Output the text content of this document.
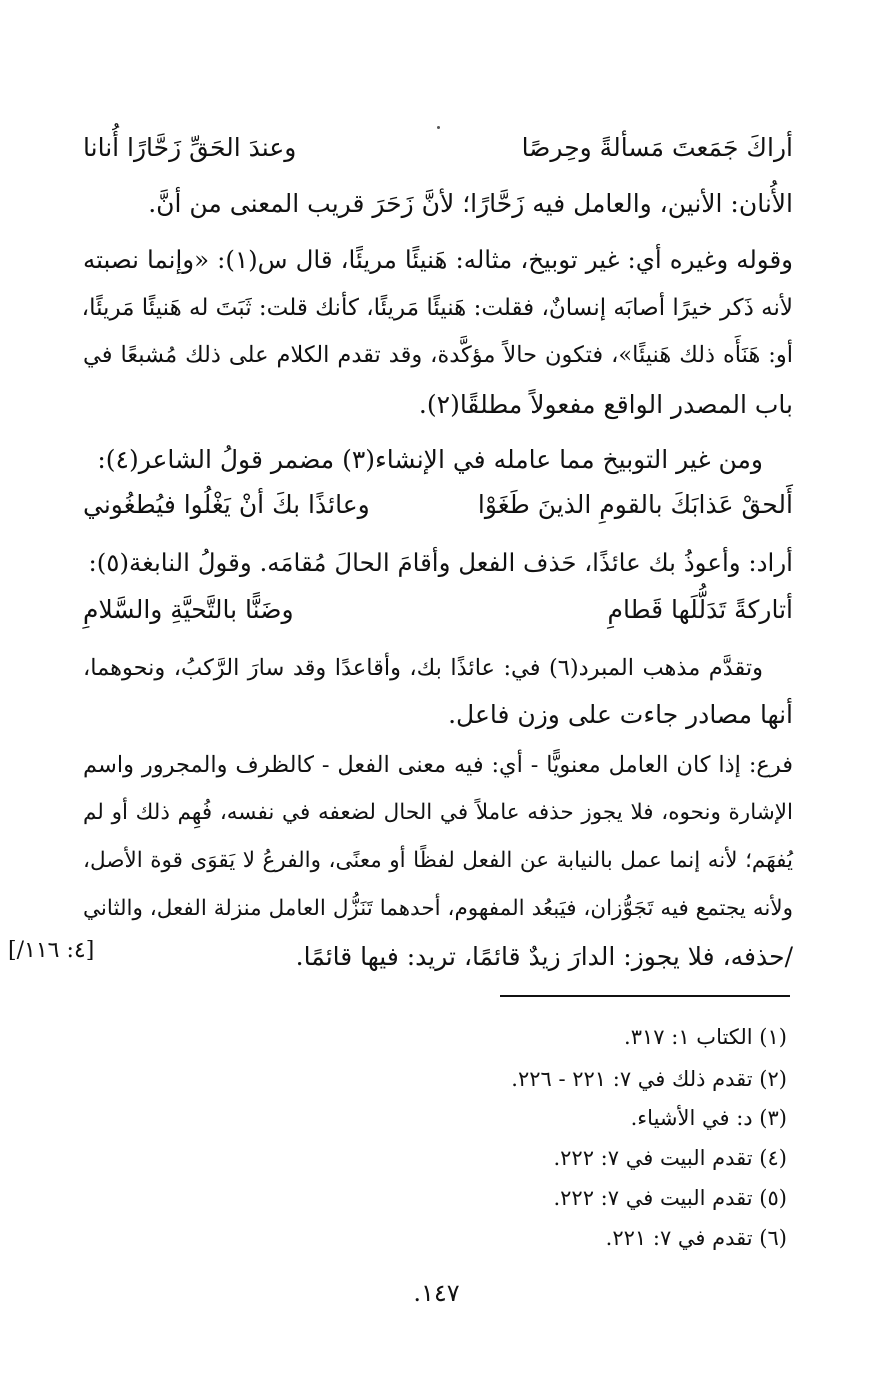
أراكَ جَمَعتَ مَسألةً وحِرصًا
وعندَ الحَقِّ زَحَّارًا أُنانا
الأُنان: الأنين، والعامل فيه زَحَّارًا؛ لأنَّ زَحَرَ قريب المعنى من أنَّ.
وقوله وغيره أي: غير توبيخ، مثاله: هَنيئًا مريئًا، قال س(١): «وإنما نصبته
لأنه ذَكر خيرًا أصابَه إنسانٌ، فقلت: هَنيئًا مَريئًا، كأنك قلت: ثَبَتَ له هَنيئًا مَريئًا،
أو: هَنَأَه ذلك هَنيئًا»، فتكون حالاً مؤكَّدة، وقد تقدم الكلام على ذلك مُشبعًا في
باب المصدر الواقع مفعولاً مطلقًا(٢).
ومن غير التوبيخ مما عامله في الإنشاء(٣) مضمر قولُ الشاعر(٤):
أَلحقْ عَذابَكَ بالقومِ الذينَ طَغَوْا
وعائذًا بكَ أنْ يَغْلُوا فيُطغُوني
أراد: وأعوذُ بك عائذًا، حَذف الفعل وأقامَ الحالَ مُقامَه. وقولُ النابغة(٥):
أتاركةً تَدَلُّلَها قَطامِ
وضَنًّا بالتَّحيَّةِ والسَّلامِ
وتقدَّم مذهب المبرد(٦) في: عائذًا بك، وأقاعدًا وقد سارَ الرَّكبُ، ونحوهما،
أنها مصادر جاءت على وزن فاعل.
فرع: إذا كان العامل معنويًّا - أي: فيه معنى الفعل - كالظرف والمجرور واسم
الإشارة ونحوه، فلا يجوز حذفه عاملاً في الحال لضعفه في نفسه، فُهِم ذلك أو لم
يُفهَم؛ لأنه إنما عمل بالنيابة عن الفعل لفظًا أو معنًى، والفرعُ لا يَقوَى قوة الأصل،
ولأنه يجتمع فيه تَجَوُّزان، فيَبعُد المفهوم، أحدهما تَنَزُّل العامل منزلة الفعل، والثاني
/حذفه، فلا يجوز: الدارَ زيدٌ قائمًا، تريد: فيها قائمًا.
[٤: ١١٦/]
(١) الكتاب ١: ٣١٧.
(٢) تقدم ذلك في ٧: ٢٢١ - ٢٢٦.
(٣) د: في الأشياء.
(٤) تقدم البيت في ٧: ٢٢٢.
(٥) تقدم البيت في ٧: ٢٢٢.
(٦) تقدم في ٧: ٢٢١.
١٤٧.
